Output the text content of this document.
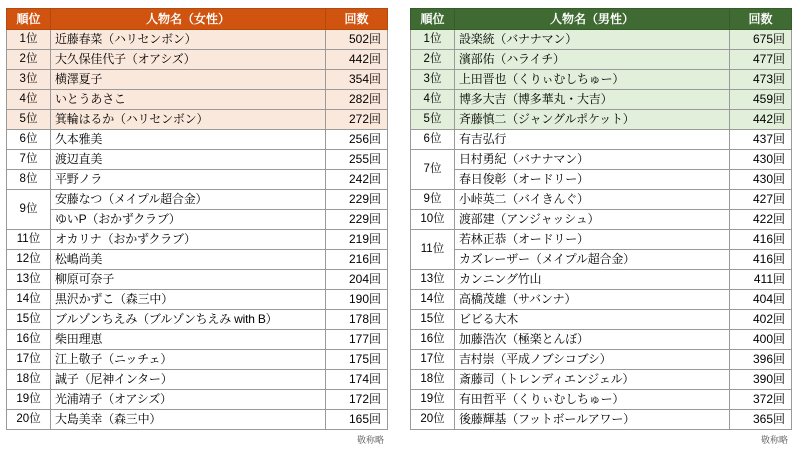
順位	人物名（女性）	回数
1位	近藤春菜（ハリセンボン）	502回
2位	大久保佳代子（オアシズ）	442回
3位	横澤夏子	354回
4位	いとうあさこ	282回
5位	箕輪はるか（ハリセンボン）	272回
6位	久本雅美	256回
7位	渡辺直美	255回
8位	平野ノラ	242回
9位	安藤なつ（メイプル超合金）	229回
	ゆいP（おかずクラブ）	229回
11位	オカリナ（おかずクラブ）	219回
12位	松嶋尚美	216回
13位	柳原可奈子	204回
14位	黒沢かずこ（森三中）	190回
15位	ブルゾンちえみ（ブルゾンちえみ with B）	178回
16位	柴田理恵	177回
17位	江上敬子（ニッチェ）	175回
18位	誠子（尼神インター）	174回
19位	光浦靖子（オアシズ）	172回
20位	大島美幸（森三中）	165回
敬称略
順位	人物名（男性）	回数
1位	設楽統（バナナマン）	675回
2位	濱部佑（ハライチ）	477回
3位	上田晋也（くりぃむしちゅー）	473回
4位	博多大吉（博多華丸・大吉）	459回
5位	斉藤慎二（ジャングルポケット）	442回
6位	有吉弘行	437回
7位	日村勇紀（バナナマン）	430回
	春日俊彰（オードリー）	430回
9位	小峠英二（バイきんぐ）	427回
10位	渡部建（アンジャッシュ）	422回
11位	若林正恭（オードリー）	416回
	カズレーザー（メイプル超合金）	416回
13位	カンニング竹山	411回
14位	高橋茂雄（サバンナ）	404回
15位	ビビる大木	402回
16位	加藤浩次（極楽とんぼ）	400回
17位	吉村崇（平成ノブシコブシ）	396回
18位	斎藤司（トレンディエンジェル）	390回
19位	有田哲平（くりぃむしちゅー）	372回
20位	後藤輝基（フットボールアワー）	365回
敬称略
